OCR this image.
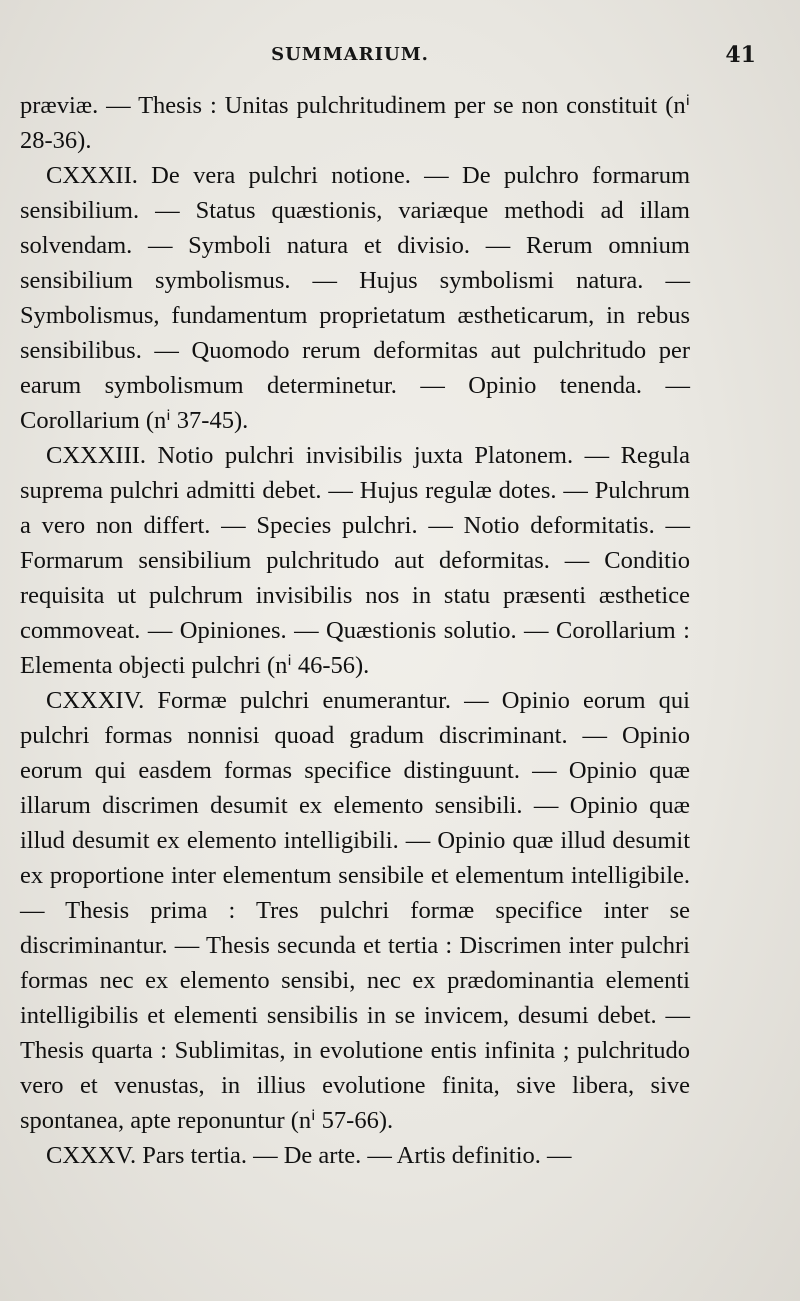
SUMMARIUM.	41

præviæ. — Thesis : Unitas pulchritudinem per se non constituit (nⁱ 28-36).

CXXXII. De vera pulchri notione. — De pulchro formarum sensibilium. — Status quæstionis, variæque methodi ad illam solvendam. — Symboli natura et divisio. — Rerum omnium sensibilium symbolismus. — Hujus symbolismi natura. — Symbolismus, fundamentum proprietatum æstheticarum, in rebus sensibilibus. — Quomodo rerum deformitas aut pulchritudo per earum symbolismum determinetur. — Opinio tenenda. — Corollarium (nⁱ 37-45).

CXXXIII. Notio pulchri invisibilis juxta Platonem. — Regula suprema pulchri admitti debet. — Hujus regulæ dotes. — Pulchrum a vero non differt. — Species pulchri. — Notio deformitatis. — Formarum sensibilium pulchritudo aut deformitas. — Conditio requisita ut pulchrum invisibilis nos in statu præsenti æsthetice commoveat. — Opiniones. — Quæstionis solutio. — Corollarium : Elementa objecti pulchri (nⁱ 46-56).

CXXXIV. Formæ pulchri enumerantur. — Opinio eorum qui pulchri formas nonnisi quoad gradum discriminant. — Opinio eorum qui easdem formas specifice distinguunt. — Opinio quæ illarum discrimen desumit ex elemento sensibili. — Opinio quæ illud desumit ex elemento intelligibili. — Opinio quæ illud desumit ex proportione inter elementum sensibile et elementum intelligibile. — Thesis prima : Tres pulchri formæ specifice inter se discriminantur. — Thesis secunda et tertia : Discrimen inter pulchri formas nec ex elemento sensibi, nec ex prædominantia elementi intelligibilis et elementi sensibilis in se invicem, desumi debet. — Thesis quarta : Sublimitas, in evolutione entis infinita ; pulchritudo vero et venustas, in illius evolutione finita, sive libera, sive spontanea, apte reponuntur (nⁱ 57-66).

CXXXV. Pars tertia. — De arte. — Artis definitio. —
